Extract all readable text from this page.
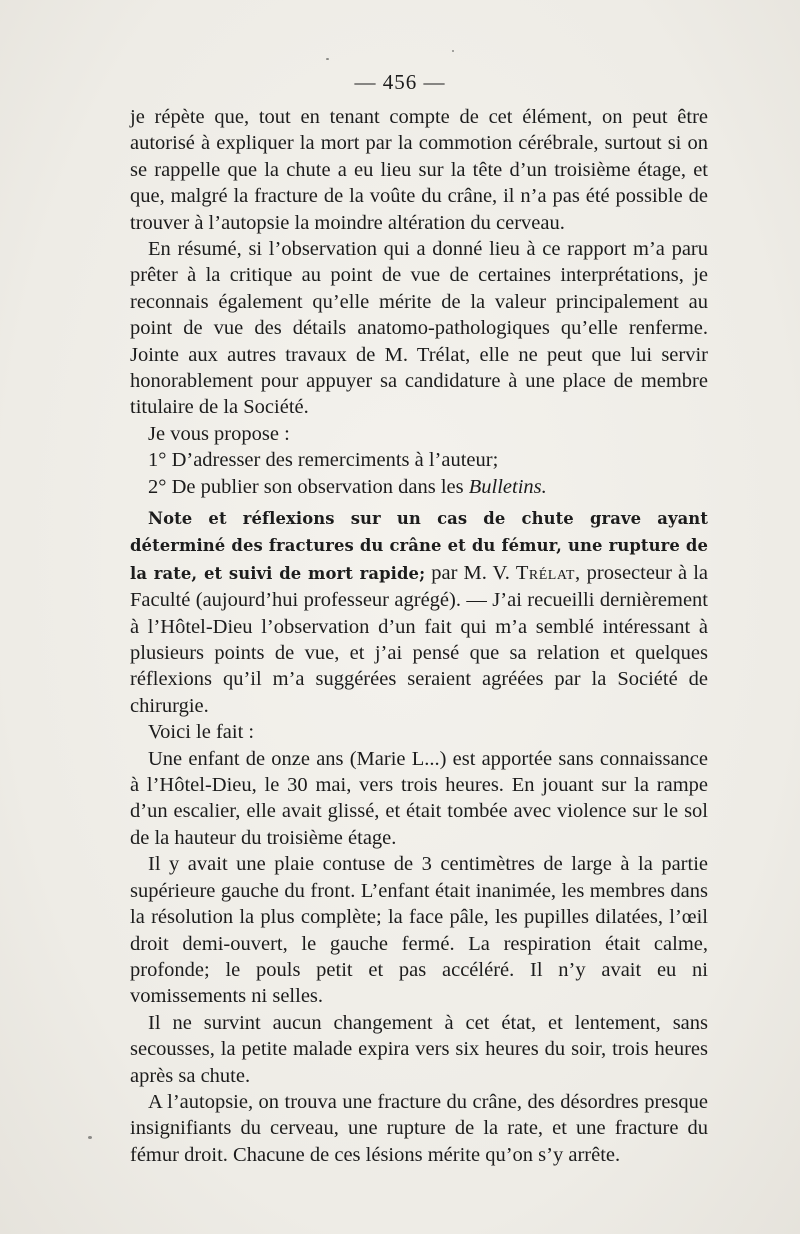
— 456 —

je répète que, tout en tenant compte de cet élément, on peut être autorisé à expliquer la mort par la commotion cérébrale, surtout si on se rappelle que la chute a eu lieu sur la tête d’un troisième étage, et que, malgré la fracture de la voûte du crâne, il n’a pas été possible de trouver à l’autopsie la moindre altération du cerveau.

En résumé, si l’observation qui a donné lieu à ce rapport m’a paru prêter à la critique au point de vue de certaines interprétations, je reconnais également qu’elle mérite de la valeur principalement au point de vue des détails anatomo-pathologiques qu’elle renferme. Jointe aux autres travaux de M. Trélat, elle ne peut que lui servir honorablement pour appuyer sa candidature à une place de membre titulaire de la Société.

Je vous propose :

1° D’adresser des remerciments à l’auteur;

2° De publier son observation dans les Bulletins.

Note et réflexions sur un cas de chute grave ayant déterminé des fractures du crâne et du fémur, une rupture de la rate, et suivi de mort rapide; par M. V. Trélat, prosecteur à la Faculté (aujourd’hui professeur agrégé). — J’ai recueilli dernièrement à l’Hôtel-Dieu l’observation d’un fait qui m’a semblé intéressant à plusieurs points de vue, et j’ai pensé que sa relation et quelques réflexions qu’il m’a suggérées seraient agréées par la Société de chirurgie.

Voici le fait :

Une enfant de onze ans (Marie L...) est apportée sans connaissance à l’Hôtel-Dieu, le 30 mai, vers trois heures. En jouant sur la rampe d’un escalier, elle avait glissé, et était tombée avec violence sur le sol de la hauteur du troisième étage.

Il y avait une plaie contuse de 3 centimètres de large à la partie supérieure gauche du front. L’enfant était inanimée, les membres dans la résolution la plus complète; la face pâle, les pupilles dilatées, l’œil droit demi-ouvert, le gauche fermé. La respiration était calme, profonde; le pouls petit et pas accéléré. Il n’y avait eu ni vomissements ni selles.

Il ne survint aucun changement à cet état, et lentement, sans secousses, la petite malade expira vers six heures du soir, trois heures après sa chute.

A l’autopsie, on trouva une fracture du crâne, des désordres presque insignifiants du cerveau, une rupture de la rate, et une fracture du fémur droit. Chacune de ces lésions mérite qu’on s’y arrête.
